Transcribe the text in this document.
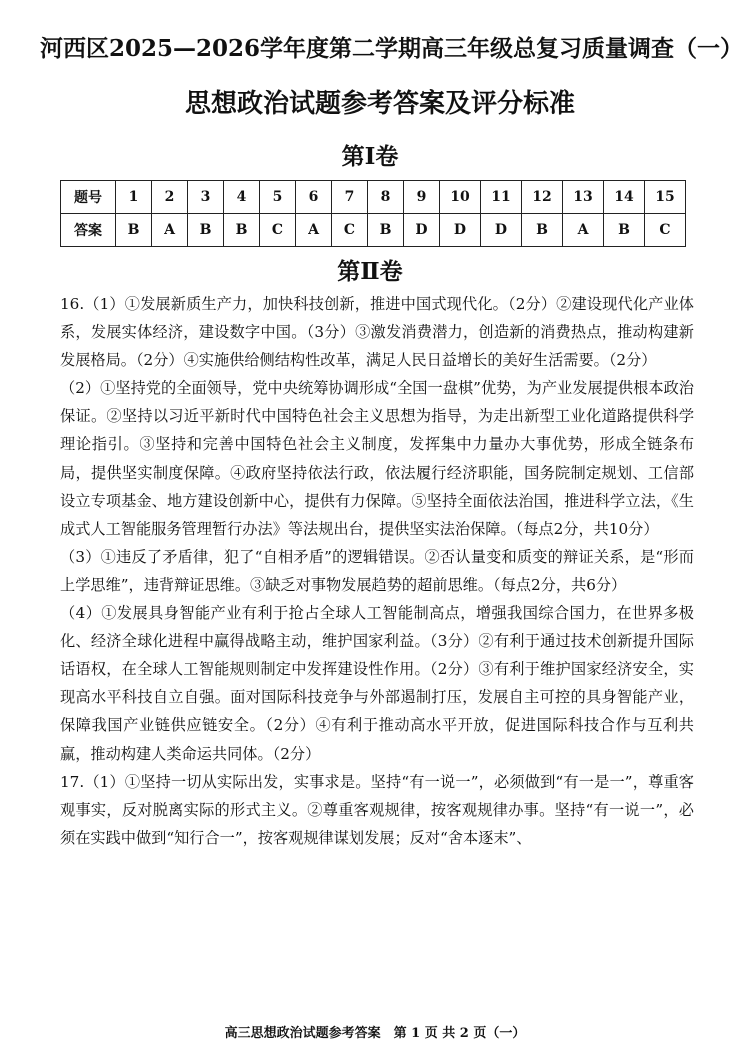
河西区2025—2026学年度第二学期高三年级总复习质量调查（一）
思想政治试题参考答案及评分标准
第Ⅰ卷
题号	1	2	3	4	5	6	7	8	9	10	11	12	13	14	15
答案	B	A	B	B	C	A	C	B	D	D	D	B	A	B	C
第Ⅱ卷

16.（1）①发展新质生产力，加快科技创新，推进中国式现代化。（2分）②建设现代化产业体系，发展实体经济，建设数字中国。（3分）③激发消费潜力，创造新的消费热点，推动构建新发展格局。（2分）④实施供给侧结构性改革，满足人民日益增长的美好生活需要。（2分）

（2）①坚持党的全面领导，党中央统筹协调形成“全国一盘棋”优势，为产业发展提供根本政治保证。②坚持以习近平新时代中国特色社会主义思想为指导，为走出新型工业化道路提供科学理论指引。③坚持和完善中国特色社会主义制度，发挥集中力量办大事优势，形成全链条布局，提供坚实制度保障。④政府坚持依法行政，依法履行经济职能，国务院制定规划、工信部设立专项基金、地方建设创新中心，提供有力保障。⑤坚持全面依法治国，推进科学立法，《生成式人工智能服务管理暂行办法》等法规出台，提供坚实法治保障。（每点2分，共10分）

（3）①违反了矛盾律，犯了“自相矛盾”的逻辑错误。②否认量变和质变的辩证关系，是“形而上学思维”，违背辩证思维。③缺乏对事物发展趋势的超前思维。（每点2分，共6分）

（4）①发展具身智能产业有利于抢占全球人工智能制高点，增强我国综合国力，在世界多极化、经济全球化进程中赢得战略主动，维护国家利益。（3分）②有利于通过技术创新提升国际话语权，在全球人工智能规则制定中发挥建设性作用。（2分）③有利于维护国家经济安全，实现高水平科技自立自强。面对国际科技竞争与外部遏制打压，发展自主可控的具身智能产业，保障我国产业链供应链安全。（2分）④有利于推动高水平开放，促进国际科技合作与互利共赢，推动构建人类命运共同体。（2分）

17.（1）①坚持一切从实际出发，实事求是。坚持“有一说一”，必须做到“有一是一”，尊重客观事实，反对脱离实际的形式主义。②尊重客观规律，按客观规律办事。坚持“有一说一”，必须在实践中做到“知行合一”，按客观规律谋划发展；反对“舍本逐末”、

高三思想政治试题参考答案　第 1 页 共 2 页（一）
